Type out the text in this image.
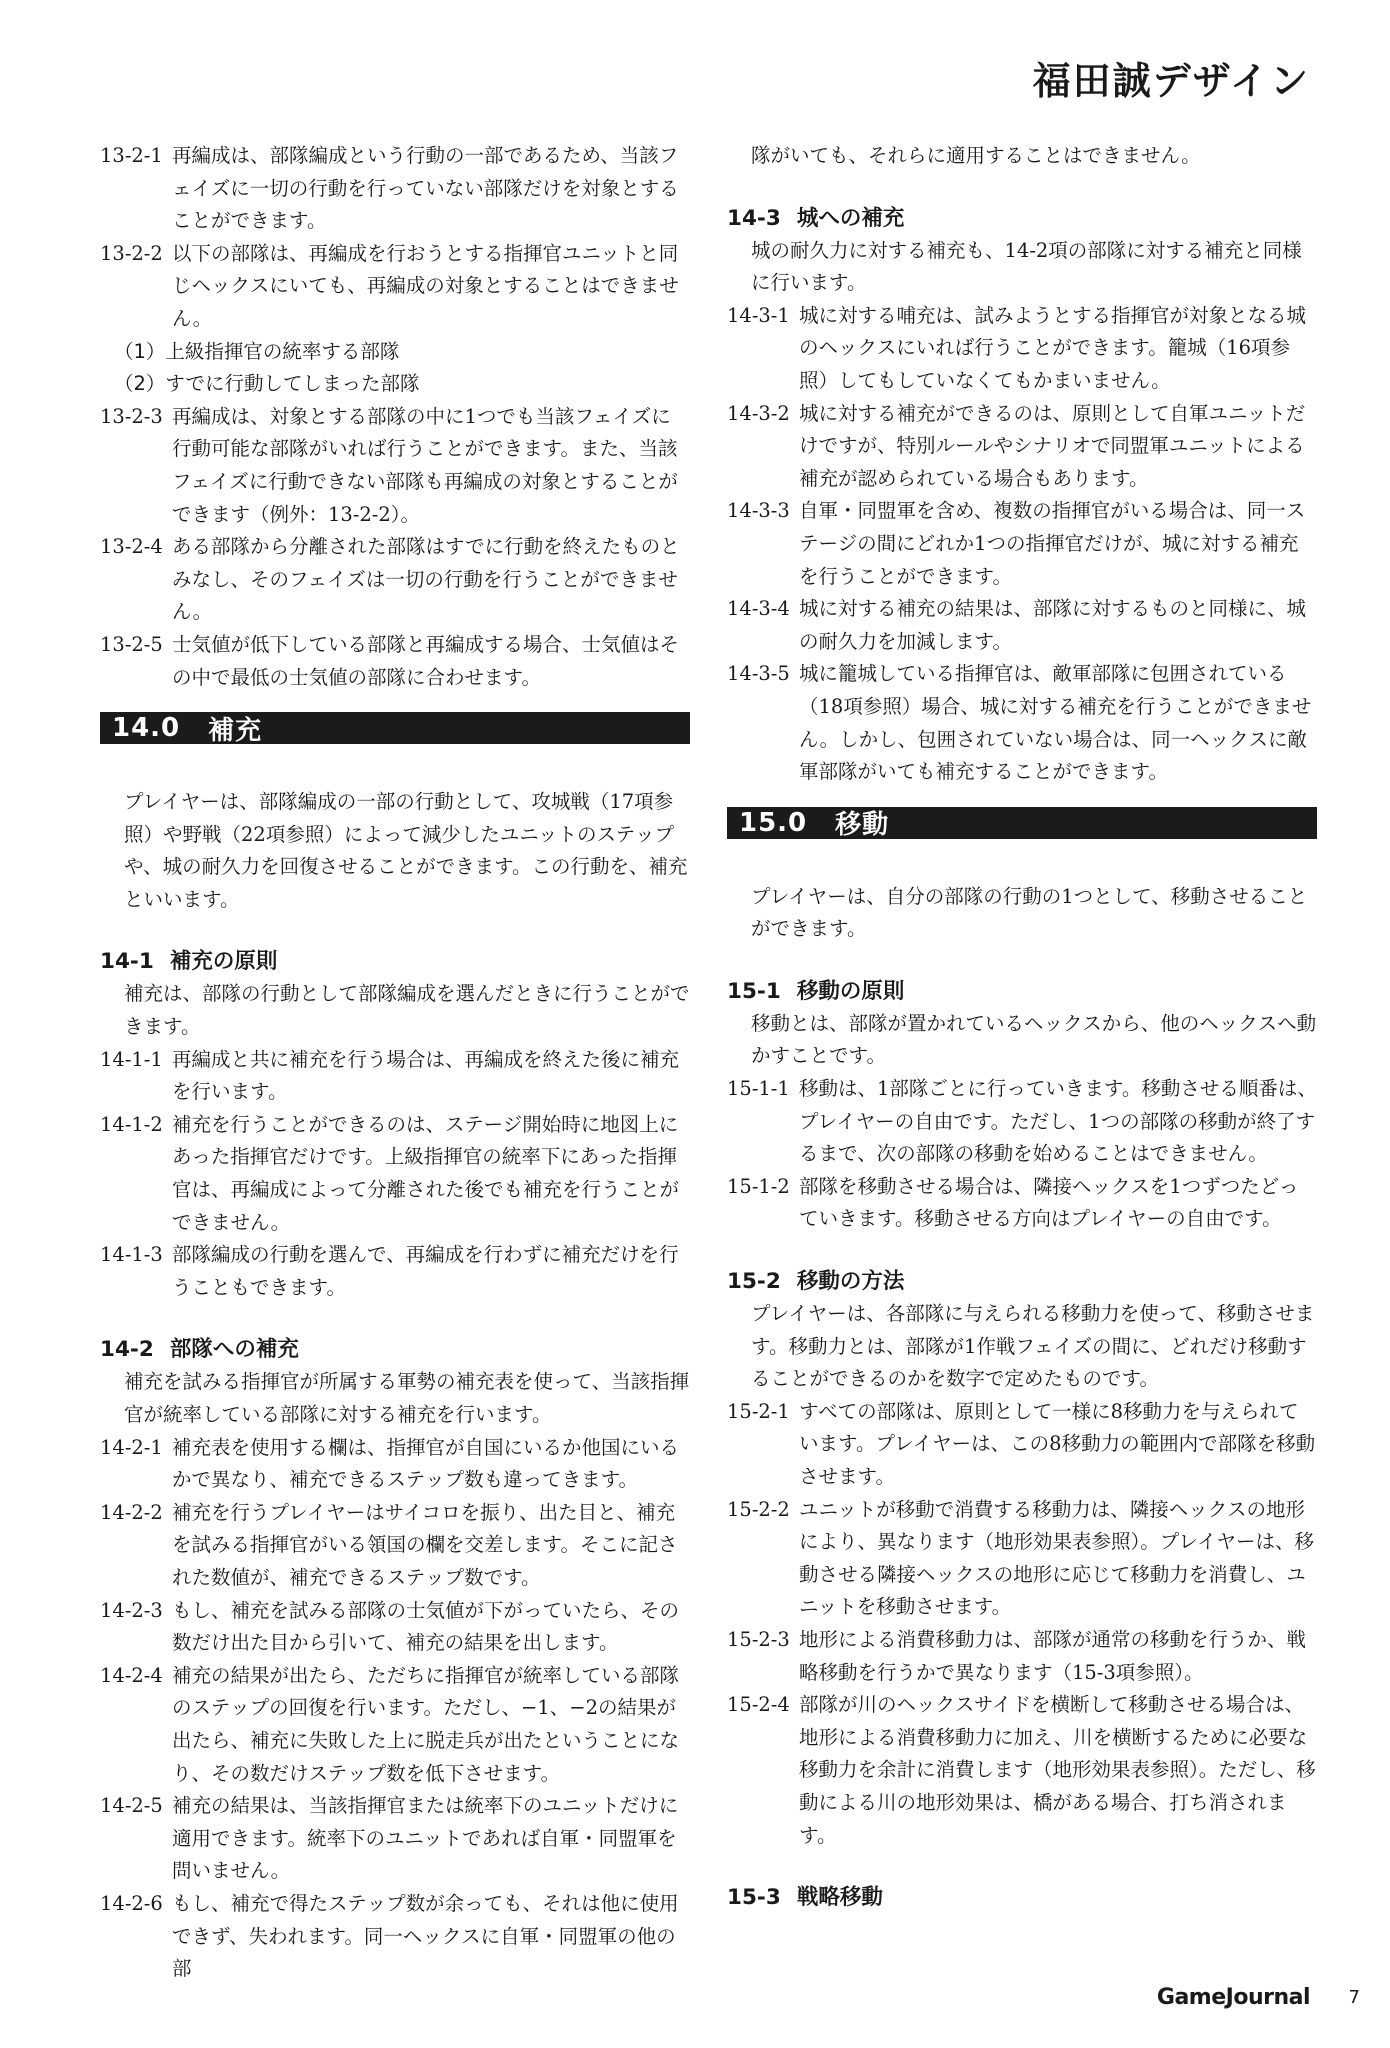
福田誠デザイン
13-2-1 再編成は、部隊編成という行動の一部であるため、当該フェイズに一切の行動を行っていない部隊だけを対象とすることができます。
13-2-2 以下の部隊は、再編成を行おうとする指揮官ユニットと同じヘックスにいても、再編成の対象とすることはできません。

（1）上級指揮官の統率する部隊

（2）すでに行動してしまった部隊

13-2-3 再編成は、対象とする部隊の中に1つでも当該フェイズに行動可能な部隊がいれば行うことができます。また、当該フェイズに行動できない部隊も再編成の対象とすることができます（例外：13-2-2）。
13-2-4 ある部隊から分離された部隊はすでに行動を終えたものとみなし、そのフェイズは一切の行動を行うことができません。
13-2-5 士気値が低下している部隊と再編成する場合、士気値はその中で最低の士気値の部隊に合わせます。
14.0 補充

プレイヤーは、部隊編成の一部の行動として、攻城戦（17項参照）や野戦（22項参照）によって減少したユニットのステップや、城の耐久力を回復させることができます。この行動を、補充といいます。

14-1 補充の原則

補充は、部隊の行動として部隊編成を選んだときに行うことができます。

14-1-1 再編成と共に補充を行う場合は、再編成を終えた後に補充を行います。
14-1-2 補充を行うことができるのは、ステージ開始時に地図上にあった指揮官だけです。上級指揮官の統率下にあった指揮官は、再編成によって分離された後でも補充を行うことができません。
14-1-3 部隊編成の行動を選んで、再編成を行わずに補充だけを行うこともできます。
14-2 部隊への補充

補充を試みる指揮官が所属する軍勢の補充表を使って、当該指揮官が統率している部隊に対する補充を行います。

14-2-1 補充表を使用する欄は、指揮官が自国にいるか他国にいるかで異なり、補充できるステップ数も違ってきます。
14-2-2 補充を行うプレイヤーはサイコロを振り、出た目と、補充を試みる指揮官がいる領国の欄を交差します。そこに記された数値が、補充できるステップ数です。
14-2-3 もし、補充を試みる部隊の士気値が下がっていたら、その数だけ出た目から引いて、補充の結果を出します。
14-2-4 補充の結果が出たら、ただちに指揮官が統率している部隊のステップの回復を行います。ただし、−1、−2の結果が出たら、補充に失敗した上に脱走兵が出たということになり、その数だけステップ数を低下させます。
14-2-5 補充の結果は、当該指揮官または統率下のユニットだけに適用できます。統率下のユニットであれば自軍・同盟軍を問いません。
14-2-6 もし、補充で得たステップ数が余っても、それは他に使用できず、失われます。同一ヘックスに自軍・同盟軍の他の部

隊がいても、それらに適用することはできません。

14-3 城への補充

城の耐久力に対する補充も、14-2項の部隊に対する補充と同様に行います。

14-3-1 城に対する哺充は、試みようとする指揮官が対象となる城のヘックスにいれば行うことができます。籠城（16項参照）してもしていなくてもかまいません。
14-3-2 城に対する補充ができるのは、原則として自軍ユニットだけですが、特別ルールやシナリオで同盟軍ユニットによる補充が認められている場合もあります。
14-3-3 自軍・同盟軍を含め、複数の指揮官がいる場合は、同一ステージの間にどれか1つの指揮官だけが、城に対する補充を行うことができます。
14-3-4 城に対する補充の結果は、部隊に対するものと同様に、城の耐久力を加減します。
14-3-5 城に籠城している指揮官は、敵軍部隊に包囲されている（18項参照）場合、城に対する補充を行うことができません。しかし、包囲されていない場合は、同一ヘックスに敵軍部隊がいても補充することができます。
15.0 移動

プレイヤーは、自分の部隊の行動の1つとして、移動させることができます。

15-1 移動の原則

移動とは、部隊が置かれているヘックスから、他のヘックスへ動かすことです。

15-1-1 移動は、1部隊ごとに行っていきます。移動させる順番は、プレイヤーの自由です。ただし、1つの部隊の移動が終了するまで、次の部隊の移動を始めることはできません。
15-1-2 部隊を移動させる場合は、隣接ヘックスを1つずつたどっていきます。移動させる方向はプレイヤーの自由です。
15-2 移動の方法

プレイヤーは、各部隊に与えられる移動力を使って、移動させます。移動力とは、部隊が1作戦フェイズの間に、どれだけ移動することができるのかを数字で定めたものです。

15-2-1 すべての部隊は、原則として一様に8移動力を与えられています。プレイヤーは、この8移動力の範囲内で部隊を移動させます。
15-2-2 ユニットが移動で消費する移動力は、隣接ヘックスの地形により、異なります（地形効果表参照）。プレイヤーは、移動させる隣接ヘックスの地形に応じて移動力を消費し、ユニットを移動させます。
15-2-3 地形による消費移動力は、部隊が通常の移動を行うか、戦略移動を行うかで異なります（15-3項参照）。
15-2-4 部隊が川のヘックスサイドを横断して移動させる場合は、地形による消費移動力に加え、川を横断するために必要な移動力を余計に消費します（地形効果表参照）。ただし、移動による川の地形効果は、橋がある場合、打ち消されます。
15-3 戦略移動
GameJournal 7
